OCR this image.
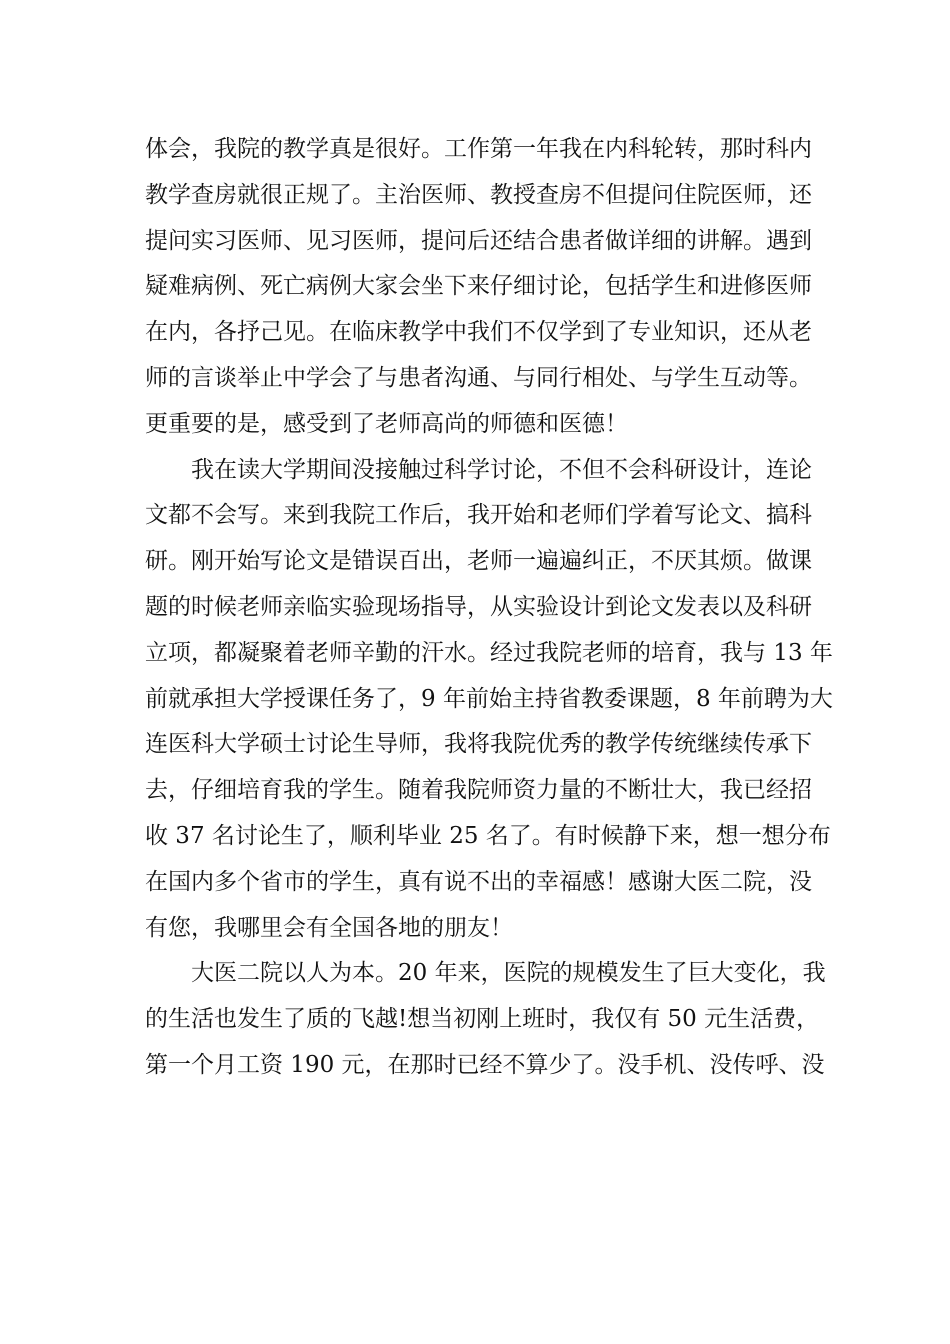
体会，我院的教学真是很好。工作第一年我在内科轮转，那时科内
教学查房就很正规了。主治医师、教授查房不但提问住院医师，还
提问实习医师、见习医师，提问后还结合患者做详细的讲解。遇到
疑难病例、死亡病例大家会坐下来仔细讨论，包括学生和进修医师
在内，各抒己见。在临床教学中我们不仅学到了专业知识，还从老
师的言谈举止中学会了与患者沟通、与同行相处、与学生互动等。
更重要的是，感受到了老师高尚的师德和医德！
我在读大学期间没接触过科学讨论，不但不会科研设计，连论
文都不会写。来到我院工作后，我开始和老师们学着写论文、搞科
研。刚开始写论文是错误百出，老师一遍遍纠正，不厌其烦。做课
题的时候老师亲临实验现场指导，从实验设计到论文发表以及科研
立项，都凝聚着老师辛勤的汗水。经过我院老师的培育，我与 13 年
前就承担大学授课任务了，9 年前始主持省教委课题，8 年前聘为大
连医科大学硕士讨论生导师，我将我院优秀的教学传统继续传承下
去，仔细培育我的学生。随着我院师资力量的不断壮大，我已经招
收 37 名讨论生了，顺利毕业 25 名了。有时候静下来，想一想分布
在国内多个省市的学生，真有说不出的幸福感！感谢大医二院，没
有您，我哪里会有全国各地的朋友！
大医二院以人为本。20 年来，医院的规模发生了巨大变化，我
的生活也发生了质的飞越!想当初刚上班时，我仅有 50 元生活费，
第一个月工资 190 元，在那时已经不算少了。没手机、没传呼、没
